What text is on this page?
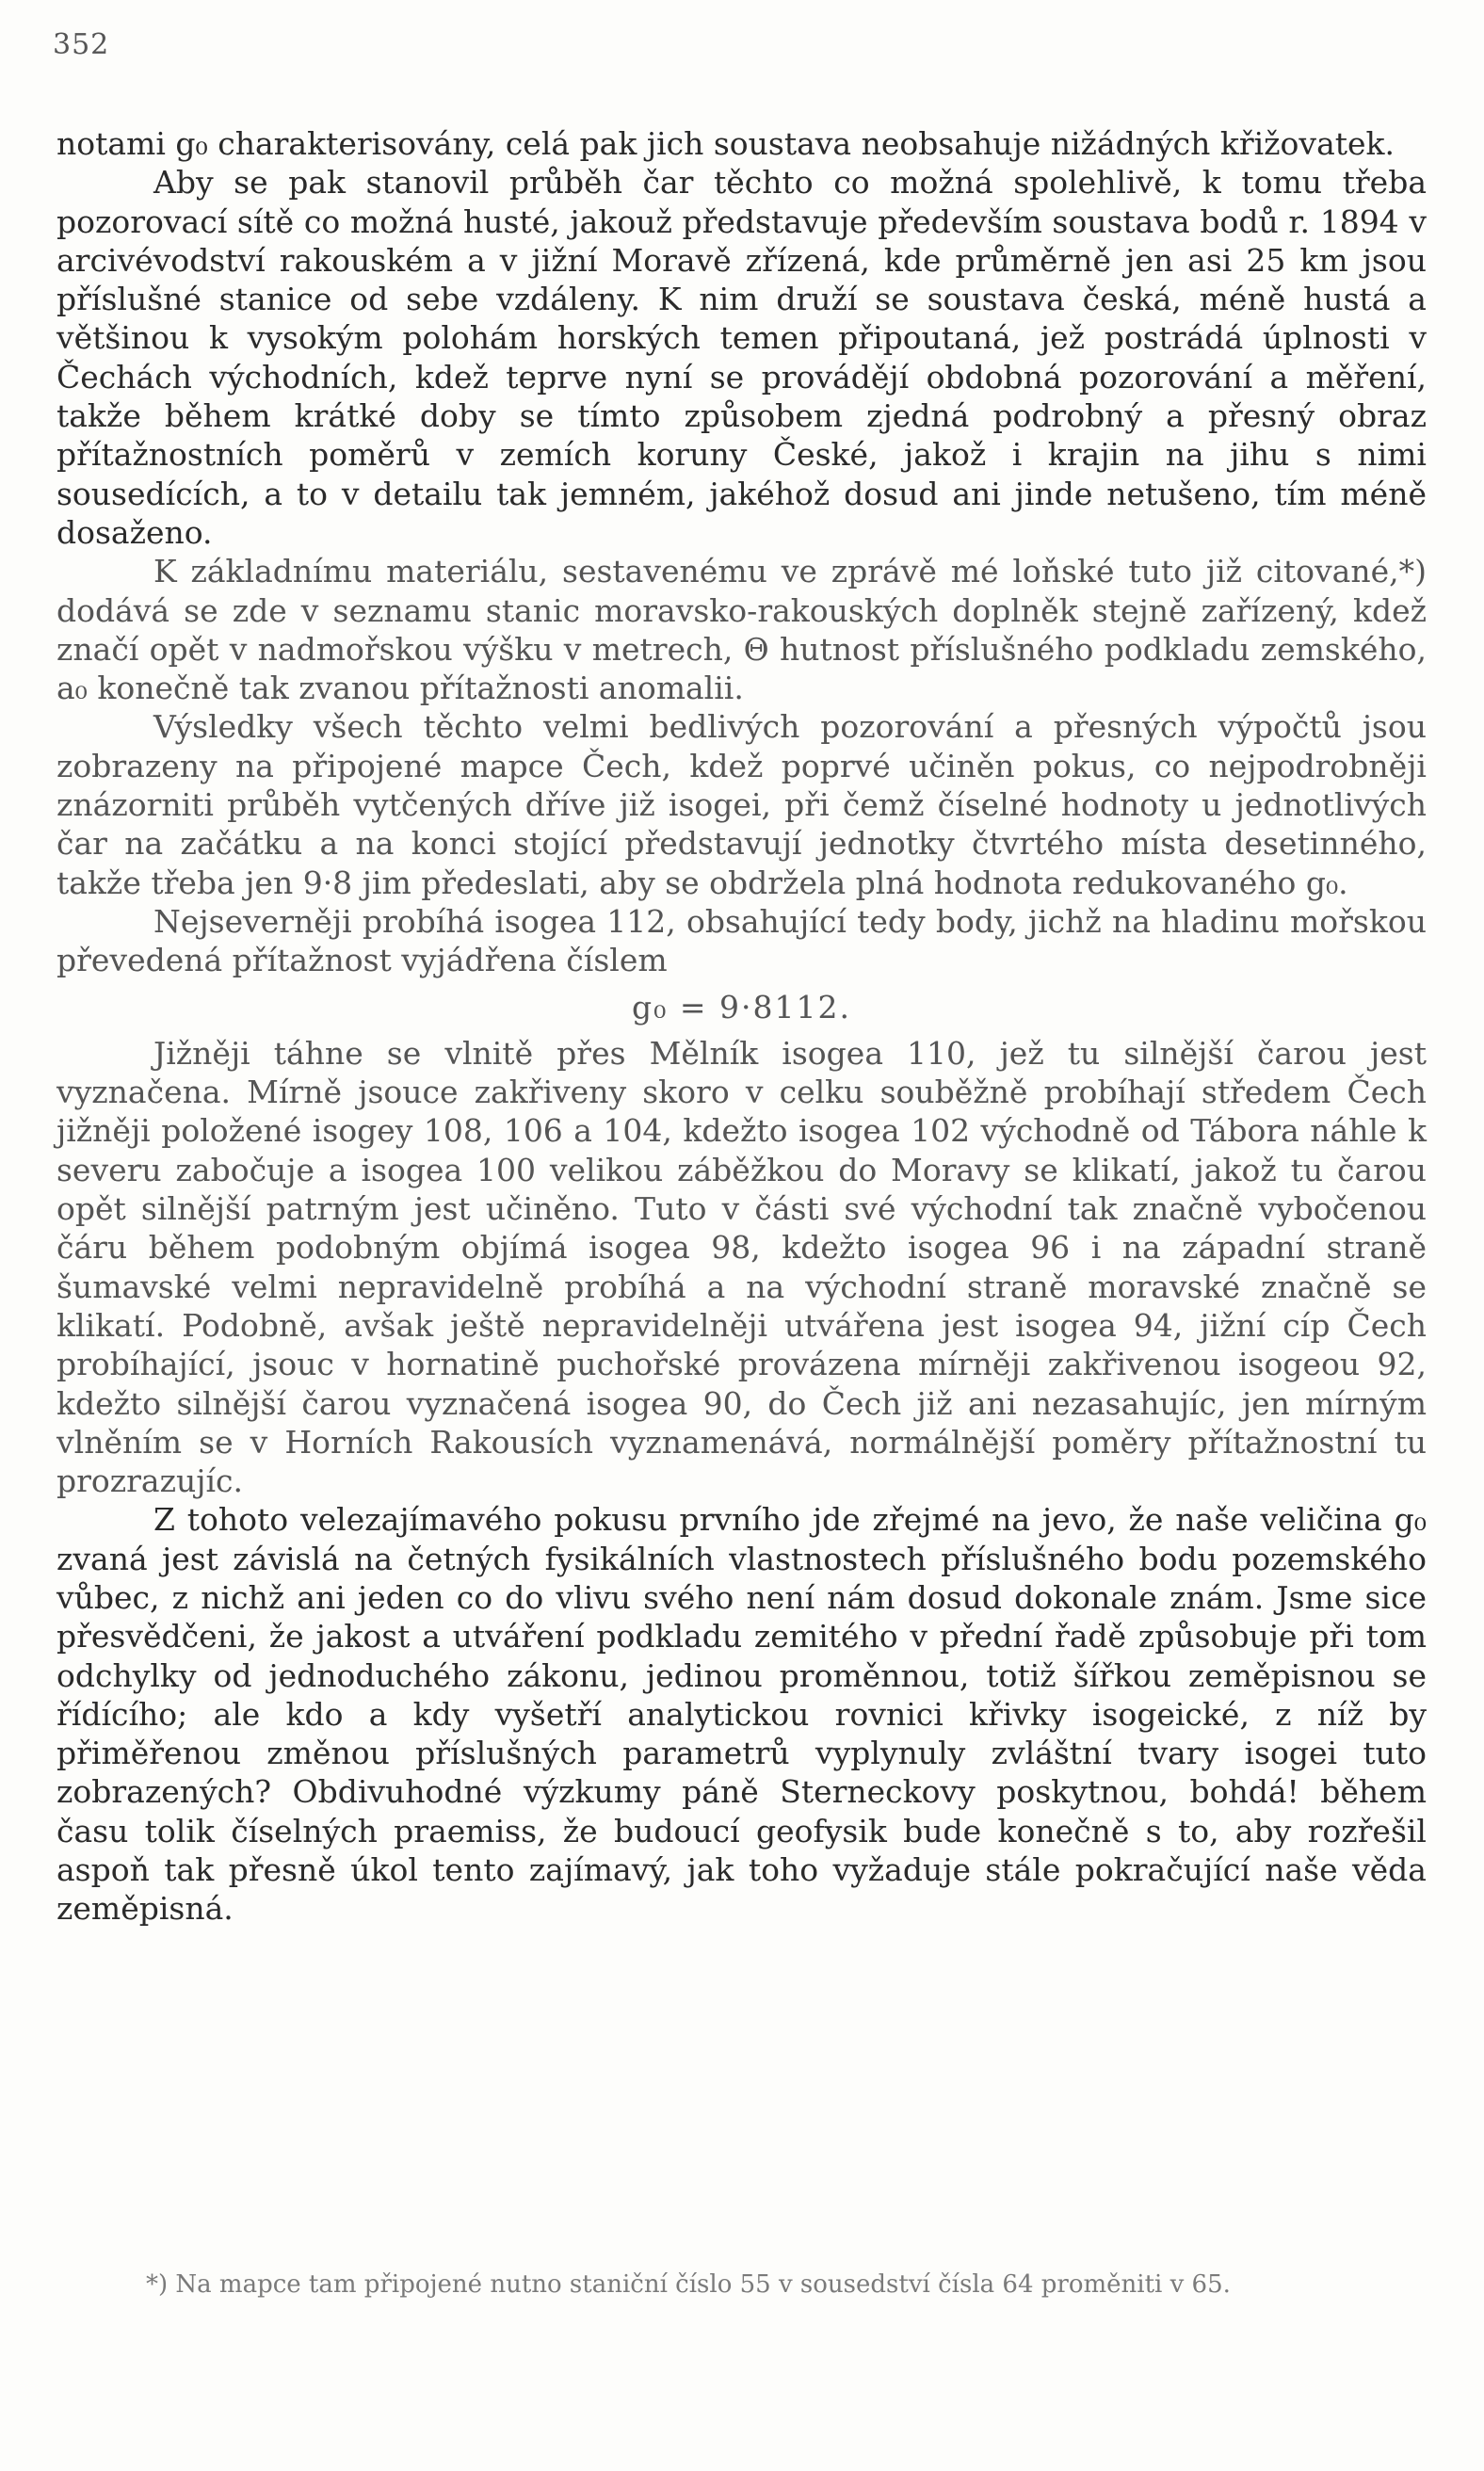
352

notami g₀ charakterisovány, celá pak jich soustava neobsahuje nižádných křižovatek.

Aby se pak stanovil průběh čar těchto co možná spolehlivě, k tomu třeba pozorovací sítě co možná husté, jakouž představuje především soustava bodů r. 1894 v arcivévodství rakouském a v jižní Moravě zřízená, kde průměrně jen asi 25 km jsou příslušné stanice od sebe vzdáleny. K nim druží se soustava česká, méně hustá a většinou k vysokým polohám horských temen připoutaná, jež postrádá úplnosti v Čechách východních, kdež teprve nyní se provádějí obdobná pozorování a měření, takže během krátké doby se tímto způsobem zjedná podrobný a přesný obraz přítažnostních poměrů v zemích koruny České, jakož i krajin na jihu s nimi sousedících, a to v detailu tak jemném, jakéhož dosud ani jinde netušeno, tím méně dosaženo.

K základnímu materiálu, sestavenému ve zprávě mé loňské tuto již citované,*) dodává se zde v seznamu stanic moravsko-rakouských doplněk stejně zařízený, kdež značí opět v nadmořskou výšku v metrech, Θ hutnost příslušného podkladu zemského, a₀ konečně tak zvanou přítažnosti anomalii.

Výsledky všech těchto velmi bedlivých pozorování a přesných výpočtů jsou zobrazeny na připojené mapce Čech, kdež poprvé učiněn pokus, co nejpodrobněji znázorniti průběh vytčených dříve již isogei, při čemž číselné hodnoty u jednotlivých čar na začátku a na konci stojící představují jednotky čtvrtého místa desetinného, takže třeba jen 9·8 jim předeslati, aby se obdržela plná hodnota redukovaného g₀.

Nejseverněji probíhá isogea 112, obsahující tedy body, jichž na hladinu mořskou převedená přítažnost vyjádřena číslem

g₀ = 9·8112.

Jižněji táhne se vlnitě přes Mělník isogea 110, jež tu silnější čarou jest vyznačena. Mírně jsouce zakřiveny skoro v celku souběžně probíhají středem Čech jižněji položené isogey 108, 106 a 104, kdežto isogea 102 východně od Tábora náhle k severu zabočuje a isogea 100 velikou záběžkou do Moravy se klikatí, jakož tu čarou opět silnější patrným jest učiněno. Tuto v části své východní tak značně vybočenou čáru během podobným objímá isogea 98, kdežto isogea 96 i na západní straně šumavské velmi nepravidelně probíhá a na východní straně moravské značně se klikatí. Podobně, avšak ještě nepravidelněji utvářena jest isogea 94, jižní cíp Čech probíhající, jsouc v hornatině puchořské provázena mírněji zakřivenou isogeou 92, kdežto silnější čarou vyznačená isogea 90, do Čech již ani nezasahujíc, jen mírným vlněním se v Horních Rakousích vyznamenává, normálnější poměry přítažnostní tu prozrazujíc.

Z tohoto velezajímavého pokusu prvního jde zřejmé na jevo, že naše veličina g₀ zvaná jest závislá na četných fysikálních vlastnostech příslušného bodu pozemského vůbec, z nichž ani jeden co do vlivu svého není nám dosud dokonale znám. Jsme sice přesvědčeni, že jakost a utváření podkladu zemitého v přední řadě způsobuje při tom odchylky od jednoduchého zákonu, jedinou proměnnou, totiž šířkou zeměpisnou se řídícího; ale kdo a kdy vyšetří analytickou rovnici křivky isogeické, z níž by přiměřenou změnou příslušných parametrů vyplynuly zvláštní tvary isogei tuto zobrazených? Obdivuhodné výzkumy páně Sterneckovy poskytnou, bohdá! během času tolik číselných praemiss, že budoucí geofysik bude konečně s to, aby rozřešil aspoň tak přesně úkol tento zajímavý, jak toho vyžaduje stále pokračující naše věda zeměpisná.

*) Na mapce tam připojené nutno staniční číslo 55 v sousedství čísla 64 proměniti v 65.
